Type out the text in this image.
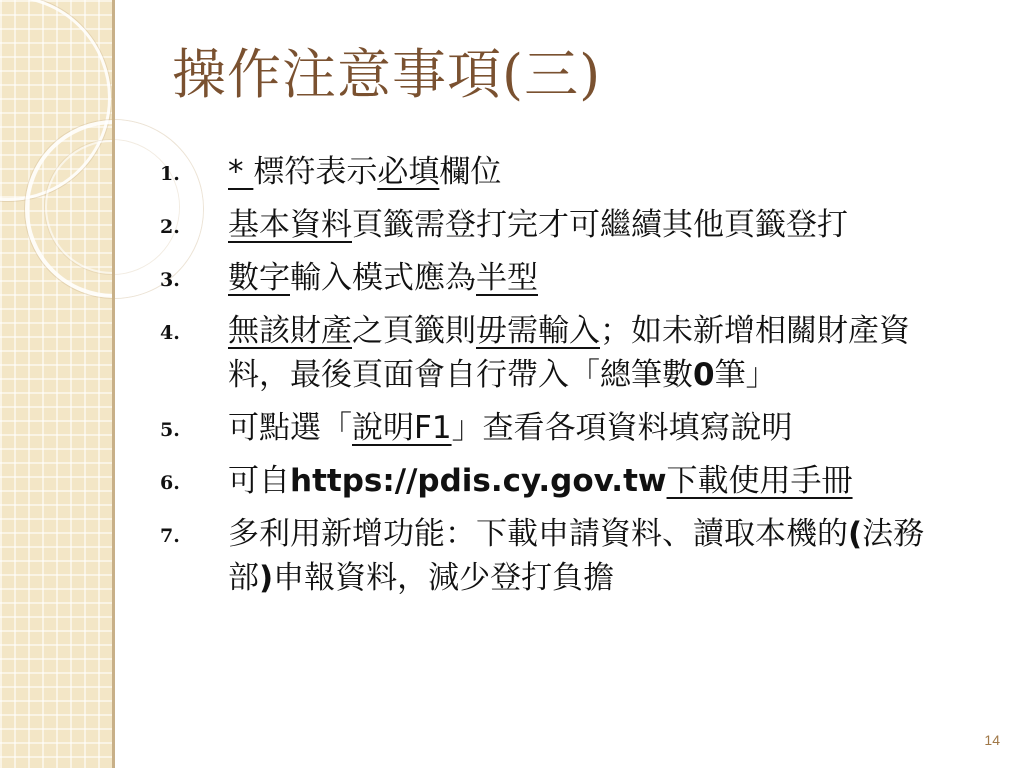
操作注意事項(三)
1. * 標符表示必填欄位
2. 基本資料頁籤需登打完才可繼續其他頁籤登打
3. 數字輸入模式應為半型
4. 無該財產之頁籤則毋需輸入；如未新增相關財產資料，最後頁面會自行帶入「總筆數0筆」
5. 可點選「說明F1」查看各項資料填寫說明
6. 可自https://pdis.cy.gov.tw下載使用手冊
7. 多利用新增功能：下載申請資料、讀取本機的(法務部)申報資料，減少登打負擔
14
